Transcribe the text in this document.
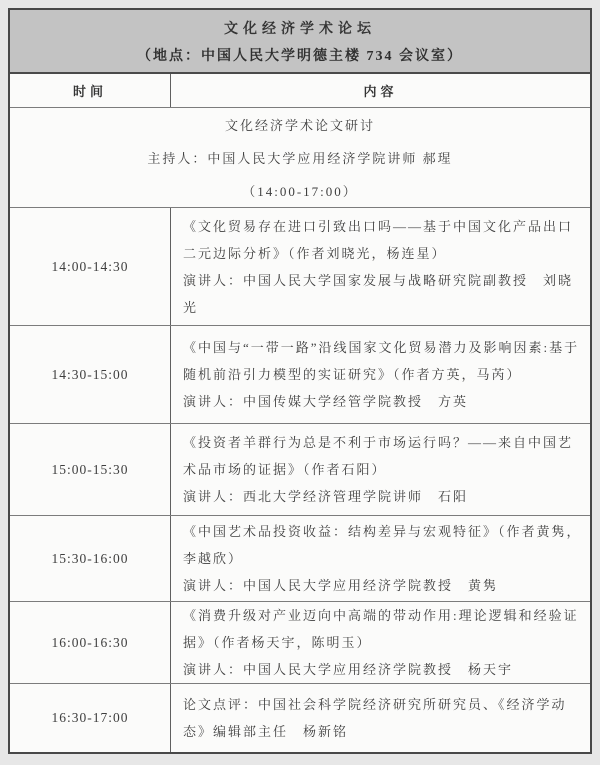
文化经济学术论坛
（地点：中国人民大学明德主楼 734 会议室）
时间	内容
文化经济学术论文研讨
主持人：中国人民大学应用经济学院讲师 郝瑆
（14:00-17:00）
14:00-14:30
《文化贸易存在进口引致出口吗——基于中国文化产品出口二元边际分析》（作者刘晓光，杨连星）
演讲人：中国人民大学国家发展与战略研究院副教授　刘晓光
14:30-15:00
《中国与“一带一路”沿线国家文化贸易潜力及影响因素:基于随机前沿引力模型的实证研究》（作者方英，马芮）
演讲人：中国传媒大学经管学院教授　方英
15:00-15:30
《投资者羊群行为总是不利于市场运行吗？——来自中国艺术品市场的证据》（作者石阳）
演讲人：西北大学经济管理学院讲师　石阳
15:30-16:00
《中国艺术品投资收益：结构差异与宏观特征》（作者黄隽，李越欣）
演讲人：中国人民大学应用经济学院教授　黄隽
16:00-16:30
《消费升级对产业迈向中高端的带动作用:理论逻辑和经验证据》（作者杨天宇，陈明玉）
演讲人：中国人民大学应用经济学院教授　杨天宇
16:30-17:00
论文点评：中国社会科学院经济研究所研究员、《经济学动态》编辑部主任　杨新铭
